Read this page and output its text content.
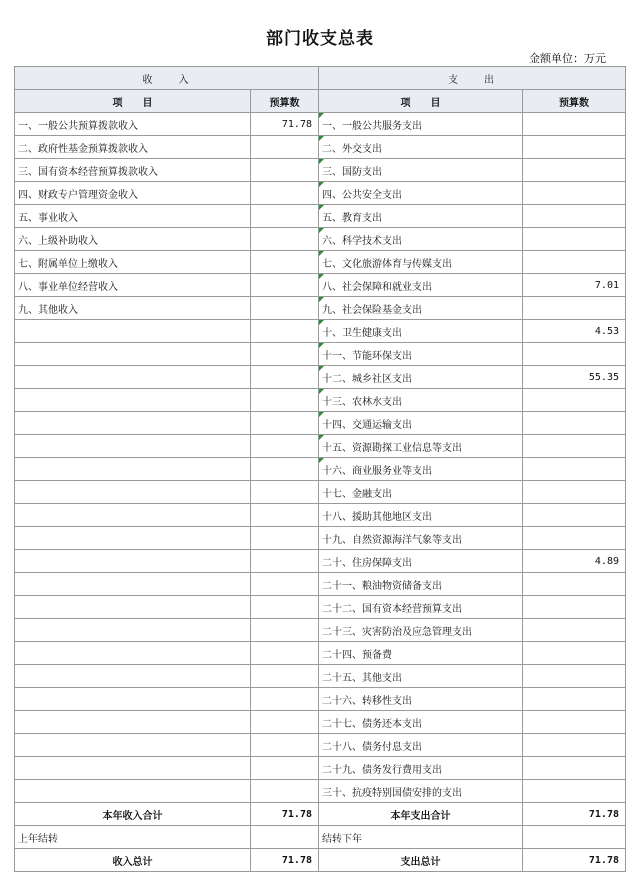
部门收支总表
金额单位：万元
收　　入		支　　出	
项　　目	预算数	项　　目	预算数
一、一般公共预算拨款收入	71.78	一、一般公共服务支出	
二、政府性基金预算拨款收入		二、外交支出	
三、国有资本经营预算拨款收入		三、国防支出	
四、财政专户管理资金收入		四、公共安全支出	
五、事业收入		五、教育支出	
六、上级补助收入		六、科学技术支出	
七、附属单位上缴收入		七、文化旅游体育与传媒支出	
八、事业单位经营收入		八、社会保障和就业支出	7.01
九、其他收入		九、社会保险基金支出	
		十、卫生健康支出	4.53
		十一、节能环保支出	
		十二、城乡社区支出	55.35
		十三、农林水支出	
		十四、交通运输支出	
		十五、资源勘探工业信息等支出	
		十六、商业服务业等支出	
		十七、金融支出	
		十八、援助其他地区支出	
		十九、自然资源海洋气象等支出	
		二十、住房保障支出	4.89
		二十一、粮油物资储备支出	
		二十二、国有资本经营预算支出	
		二十三、灾害防治及应急管理支出	
		二十四、预备费	
		二十五、其他支出	
		二十六、转移性支出	
		二十七、债务还本支出	
		二十八、债务付息支出	
		二十九、债务发行费用支出	
		三十、抗疫特别国债安排的支出	
本年收入合计	71.78	本年支出合计	71.78
上年结转		结转下年	
收入总计	71.78	支出总计	71.78
